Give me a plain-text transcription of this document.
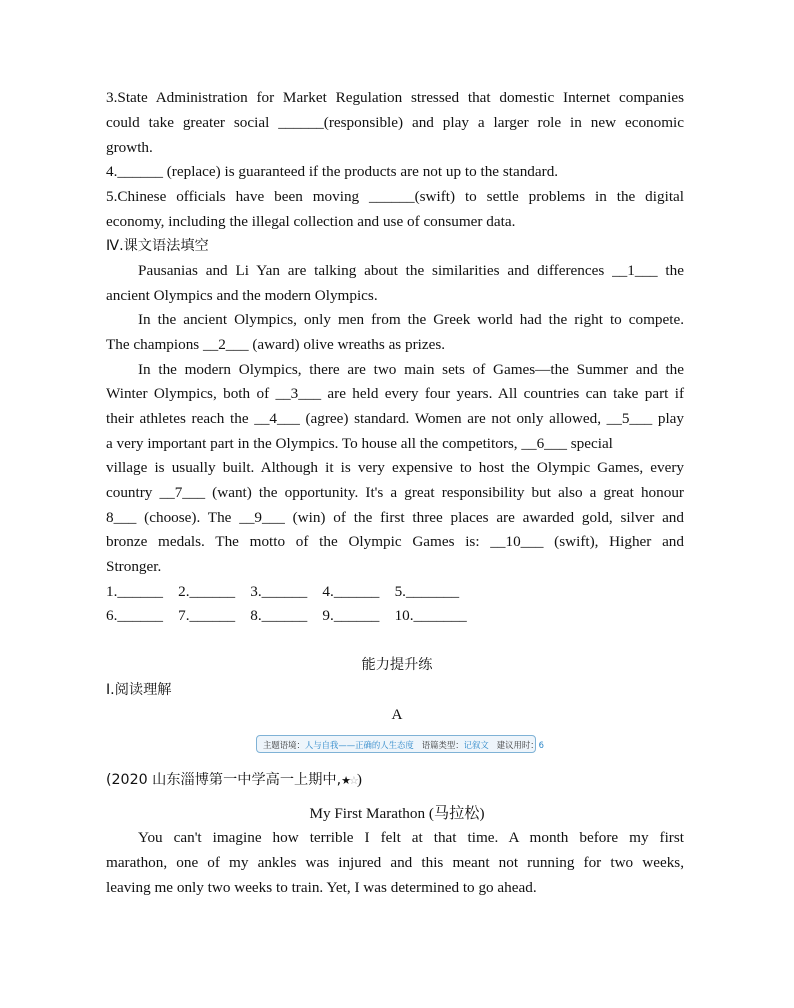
3.State Administration for Market Regulation stressed that domestic Internet companies
could take greater social ______(responsible) and play a larger role in new economic
growth.
4.______ (replace) is guaranteed if the products are not up to the standard.
5.Chinese officials have been moving ______(swift) to settle problems in the digital
economy, including the illegal collection and use of consumer data.
Ⅳ.课文语法填空
Pausanias and Li Yan are talking about the similarities and differences __1___ the
ancient Olympics and the modern Olympics.
In the ancient Olympics, only men from the Greek world had the right to compete.
The champions __2___ (award) olive wreaths as prizes.
In the modern Olympics, there are two main sets of Games—the Summer and the
Winter Olympics, both of __3___ are held every four years. All countries can take part if
their athletes reach the __4___ (agree) standard. Women are not only allowed, __5___ play
a very important part in the Olympics. To house all the competitors, __6___ special
village is usually built. Although it is very expensive to host the Olympic Games, every
country __7___ (want) the opportunity. It's a great responsibility but also a great honour
8___ (choose). The __9___ (win) of the first three places are awarded gold, silver and
bronze medals. The motto of the Olympic Games is: __10___ (swift), Higher and
Stronger.
1.______    2.______    3.______    4.______    5._______
6.______    7.______    8.______    9.______    10._______
能力提升练
Ⅰ.阅读理解
A
主题语境：人与自我——正确的人生态度 语篇类型：记叙文 建议用时：6
(2020 山东淄博第一中学高一上期中,★☆)
My First Marathon (马拉松)
You can't imagine how terrible I felt at that time. A month before my first
marathon, one of my ankles was injured and this meant not running for two weeks,
leaving me only two weeks to train. Yet, I was determined to go ahead.
